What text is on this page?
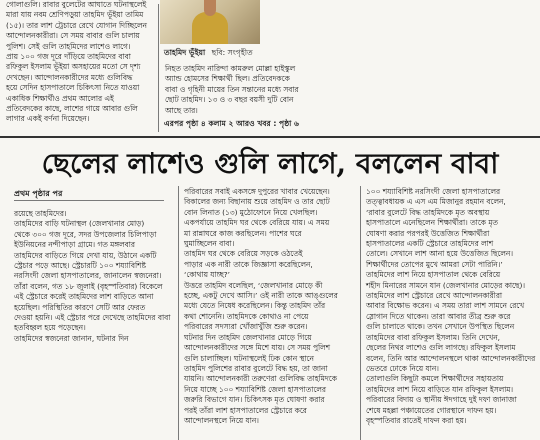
গোলাগুলি। রাবার বুলেটের আঘাতে ঘটনাস্থলেই
মারা যায় নবম শ্রেণিপড়ুয়া তাহমিদ ভূঁইয়া তামিম
(১৫)। তার লাশ ট্রেচারে রেখে যোগান দিচ্ছিলেন
আন্দোলনকারীরা। সে সময় বাবার গুলি চালায়
পুলিশ। সেই গুলি তাহমিদের লাশেও লাগে।
প্রায় ১০০ গজ দূরে দাঁড়িয়ে তাহমিদের বাবা
রফিকুল ইসলাম ভূঁইয়া অসহায়ের মতো সে দৃশ্য
দেখছেন। আন্দোলনকারীদের মধ্যে গুলিবিদ্ধ
হয়ে সেদিন হাসপাতালে চিকিৎসা নিতে যাওয়া
একাধিক শিক্ষার্থীও প্রথম আলোর এই
প্রতিবেদকের কাছে, লাশের গায়ে আবার গুলি
লাগার একই বর্ণনা দিয়েছেন।

তাহমিদ ভূঁইয়া ছবি: সংগৃহীত

নিহত তাহমিদ নারিন্দা কামরুল মোল্লা হাইস্কুল
অ্যান্ড হোমসের শিক্ষার্থী ছিল। প্রতিবেদককে
বাবা ও গৃহিনী মায়ের তিন সন্তানের মধ্যে সবার
ছোট তাহমিদ। ১৩ ও ৩ বছর বয়সী দুটি বোন
আছে তার।

এরপর পৃষ্ঠা ৪ কলাম ২ আরও খবর : পৃষ্ঠা ৬
ছেলের লাশেও গুলি লাগে, বললেন বাবা
প্রথম পৃষ্ঠার পর

রয়েছে তাহমিদের।
তাহমিদের বাড়ি ঘটনাস্থল (জেলখানার মোড়)
থেকে ৩০০ গজ দূরে, সদর উপজেলার চিলিপাড়া
ইউনিয়নের নন্দীপাড়া গ্রামে। গত মঙ্গলবার
তাহমিদের বাড়িতে গিয়ে দেখা যায়, উঠানে একটি
স্ট্রেচার পড়ে আছে। স্ট্রেচারটি ১০০ শয্যাবিশিষ্ট
নরসিংদী জেলা হাসপাতালের, জানালেন স্বজনেরা।
তাঁরা বলেন, গত ১৮ জুলাই (বৃহস্পতিবার) বিকেলে
এই স্ট্রেচারে করেই তাহমিদের লাশ বাড়িতে আনা
হয়েছিল। পরিস্থিতির কারণে সেটি আর ফেরত
দেওয়া হয়নি। এই স্ট্রেচার পরে দেখেছে তাহমিদের বাবা
হতবিহ্বল হয়ে পড়েছেন।
তাহমিদের স্বজনেরা জানান, ঘটনার দিন

পরিবারের সবাই একসঙ্গে দুপুরের খাবার খেয়েছেন।
বিকালের জন্য বিছানায় শুয়ে তাহমিদ ও তার ছোট
বোন লিনাত (১৩) মুঠোফোনে নিয়ে খেলছিল।
একপর্যায়ে তাহমিদ ঘর থেকে বেরিয়ে যায়। এ সময়
মা রান্নাঘরে কাজ করছিলেন। পাশের ঘরে
ঘুমাচ্ছিলেন বাবা।
তাহমিদ ঘর থেকে বেরিয়ে সড়কে ওঠতেই
পাড়ার এক নারী তাকে জিজ্ঞাসা করেছিলেন,
‘কোথায় যাচ্ছ?’
উত্তরে তাহমিদ বলেছিল, ‘জেলখানার মোড়ে কী
হচ্ছে, একটু দেখে আসি।’ ওই নারী তাকে আঙ্গুলের
মধ্যে যেতে নিষেধ করেছিলেন। কিন্তু তাহমিদ তাঁর
কথা শোনেনি। তাহমিদকে কোথাও না পেয়ে
পরিবারের সদস্যরা খোঁজাখুঁজি শুরু করেন।
ঘটনার দিন তাহমিদ জেলখানার মোড়ে গিয়ে
আন্দোলনকারীদের সঙ্গে মিশে যায়। সে সময় পুলিশ
গুলি চালাচ্ছিল। ঘটনাস্থলেই ঢিক কোন স্থানে
তাহমিদ পুলিশের রাবার বুলেটে বিদ্ধ হয়, তা জানা
যায়নি। আন্দোলনকারী তরুণেরা গুলিবিদ্ধ তাহমিদকে
নিয়ে যাচ্ছে ১০০ শয্যাবিশিষ্ট জেলা হাসপাতালের
জরুরি বিভাগে যান। চিকিৎসক মৃত ঘোষণা করার
পরই তাঁরা লাশ হাসপাতালের স্ট্রেচারে করে
আন্দোলনস্থলে নিয়ে যান।

১০০ শয্যাবিশিষ্ট নরসিংদী জেলা হাসপাতালের
তত্ত্বাবধায়ক এ এস এম মিজানুর রহমান বলেন,
‘রাবার বুলেটে বিদ্ধ তাহমিদকে মৃত অবস্থায়
হাসপাতালে এনেছিলেন শিক্ষার্থীরা। তাকে মৃত
ঘোষণা করার পরপরই উত্তেজিত শিক্ষার্থীরা
হাসপাতালের একটি স্ট্রেচারে তাহমিদের লাশ
তোলে। সেখানে লাশ আনা হয়ে উত্তেজিত ছিলেন।
শিক্ষার্থীদের তোপের মুখে আমরা সেটা পারিনি।’
তাহমিদের লাশ নিয়ে হাসপাতাল থেকে বেরিয়ে
শহীদ মিনারের সামনে যান (জেলখানার মোড়ের কাছে)।
তাহমিদের লাশ স্ট্রেচারে রেখে আন্দোলনকারীরা
আবার বিক্ষোভ করেন। এ সময় তারা লাশ সামনে রেখে
স্লোগান দিতে থাকেন। তারা আবার তীব্র শুরু করে
গুলি চালাতে থাকে। তখন সেখানে উপস্থিত ছিলেন
তাহমিদের বাবা রফিকুল ইসলাম। তিনি দেখেন,
ছেলের নিথর লাশেও গুলি লাগছে। রফিকুল ইসলাম
বলেন, তিনি আর আন্দোলনস্থলে থাকা আন্দোলনকারীদের
ভেতরে ঢোকে নিয়ে যান।
তোলাগুলি কিছুটা কমলে শিক্ষার্থীদের সহায়তায়
তাহমিদের লাশ নিয়ে বাড়িতে যান রফিকুল ইসলাম।
পরিবারের বিদায় ও স্থানীয় ঈদগাহে দুই দফা জানাজা
শেষে মহল্লা পঞ্চায়েতের গোরস্থানে দাফন হয়।
বৃহস্পতিবার রাতেই দাফন করা হয়।
